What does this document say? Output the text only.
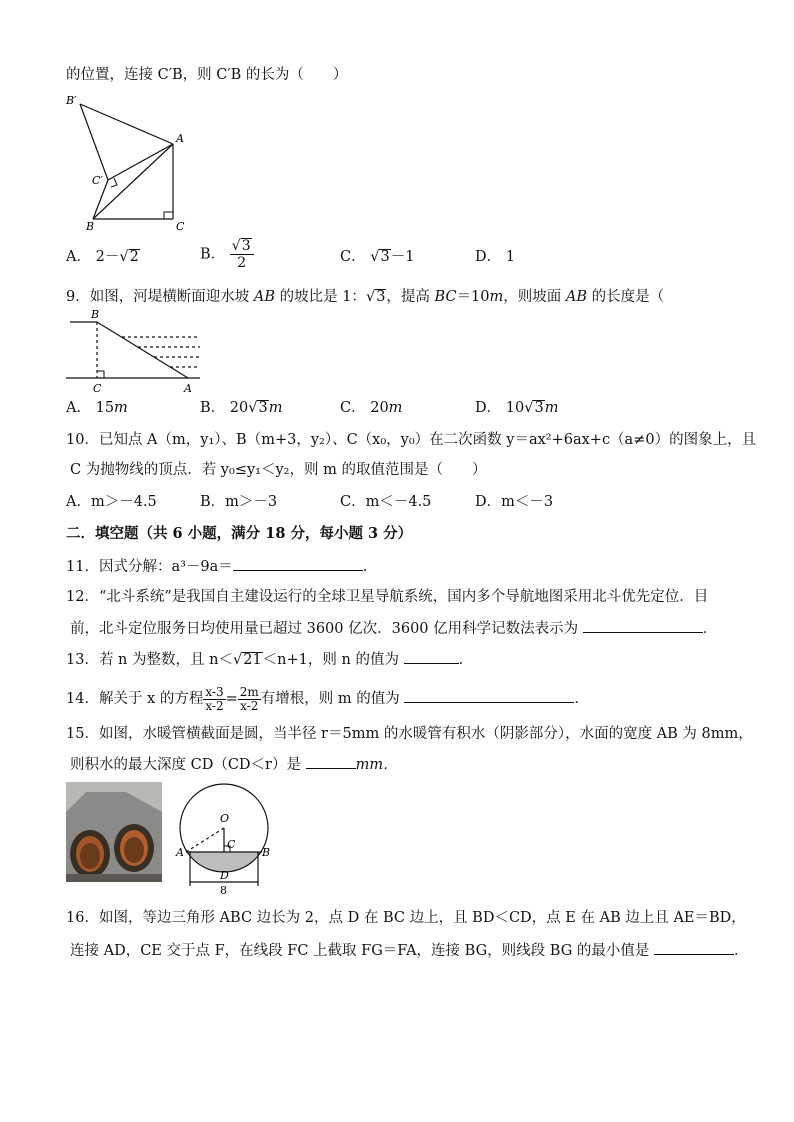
的位置，连接 C′B，则 C′B 的长为（　　）
B′
A
C′
B	C
A． 2－√2	B． $\frac{√3}{2}$	C． √3－1	D． 1
9．如图，河堤横断面迎水坡 AB 的坡比是 1：√3，提高 BC＝10m，则坡面 AB 的长度是（
B
C	A
A． 15m	B． 20√3m	C． 20m	D． 10√3m
10．已知点 A（m，y₁）、B（m+3，y₂）、C（x₀，y₀）在二次函数 y＝ax²+6ax+c（a≠0）的图象上，且
C 为抛物线的顶点．若 y₀≤y₁＜y₂，则 m 的取值范围是（　　）
A．m＞－4.5	B．m＞－3	C．m＜－4.5	D．m＜－3
二．填空题（共 6 小题，满分 18 分，每小题 3 分）
11．因式分解：a³－9a＝	．
12．“北斗系统”是我国自主建设运行的全球卫星导航系统，国内多个导航地图采用北斗优先定位．目
前，北斗定位服务日均使用量已超过 3600 亿次．3600 亿用科学记数法表示为	．
13．若 n 为整数，且 n＜√21＜n+1，则 n 的值为	．
14．解关于 x 的方程 $\frac{x-3}{x-2} = \frac{2m}{x-2}$ 有增根，则 m 的值为	．
15．如图，水暖管横截面是圆，当半径 r＝5mm 的水暖管有积水（阴影部分），水面的宽度 AB 为 8mm，
则积水的最大深度 CD（CD＜r）是	mm．
O
C
A	B
D
8
16．如图，等边三角形 ABC 边长为 2，点 D 在 BC 边上，且 BD＜CD，点 E 在 AB 边上且 AE＝BD，
连接 AD，CE 交于点 F，在线段 FC 上截取 FG＝FA，连接 BG，则线段 BG 的最小值是	．
